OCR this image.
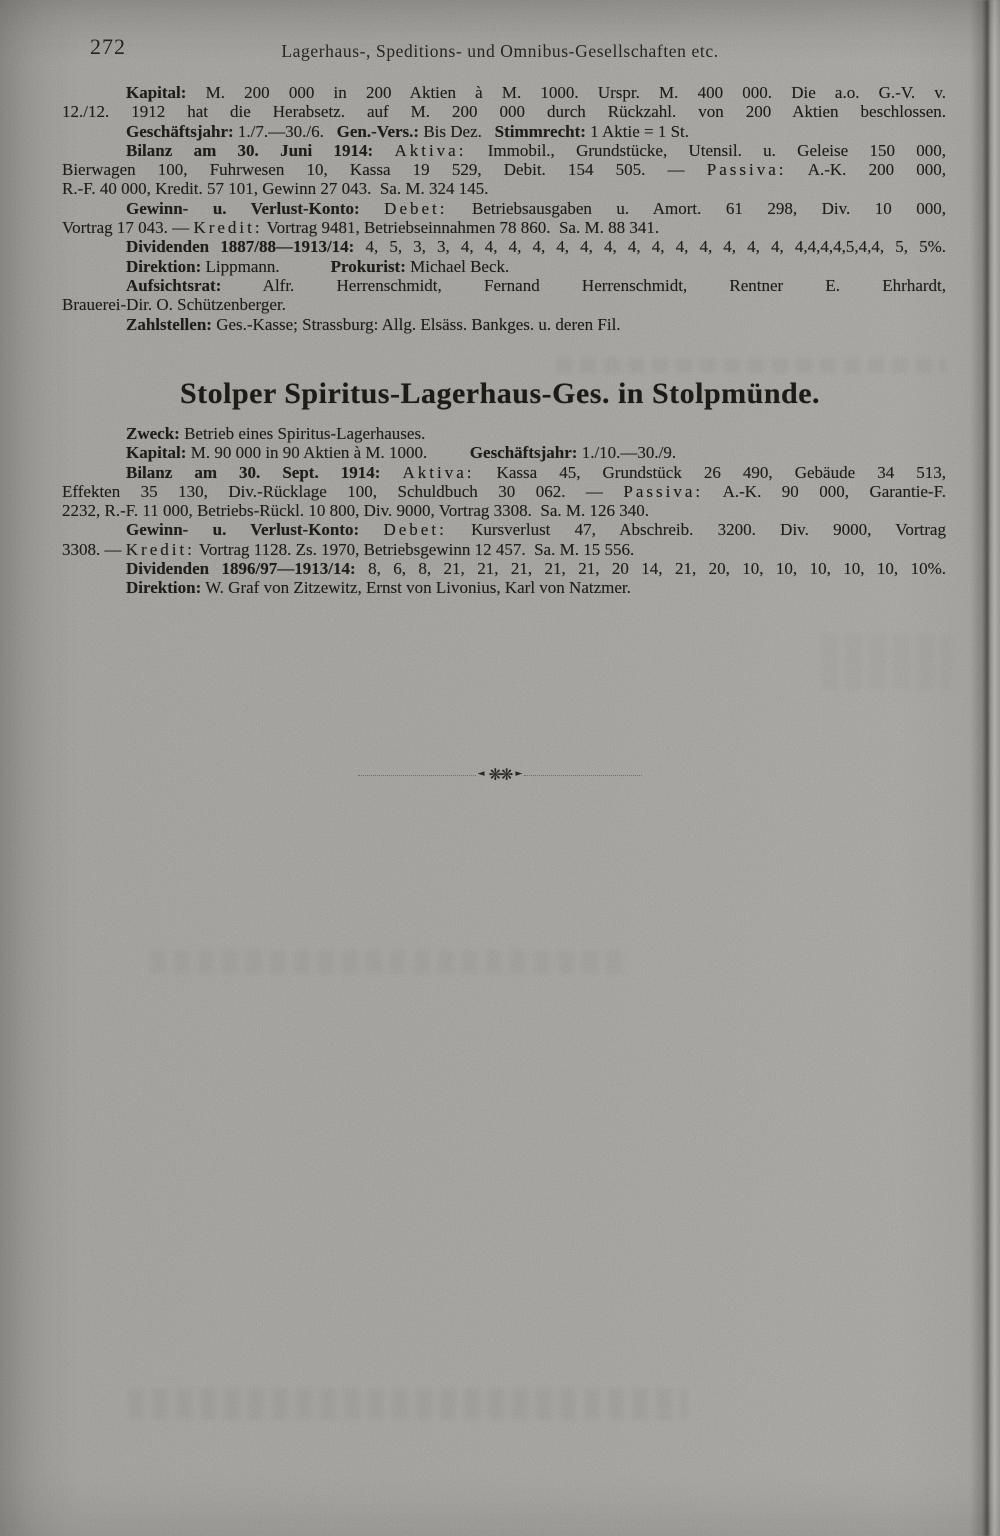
272	Lagerhaus-, Speditions- und Omnibus-Gesellschaften etc.
Kapital: M. 200 000 in 200 Aktien à M. 1000. Urspr. M. 400 000. Die a.o. G.-V. v.
12./12. 1912 hat die Herabsetz. auf M. 200 000 durch Rückzahl. von 200 Aktien beschlossen.
Geschäftsjahr: 1./7.—30./6.   Gen.-Vers.: Bis Dez.   Stimmrecht: 1 Aktie = 1 St.
Bilanz am 30. Juni 1914: Aktiva: Immobil., Grundstücke, Utensil. u. Geleise 150 000,
Bierwagen 100, Fuhrwesen 10, Kassa 19 529, Debit. 154 505. — Passiva: A.-K. 200 000,
R.-F. 40 000, Kredit. 57 101, Gewinn 27 043.  Sa. M. 324 145.
Gewinn- u. Verlust-Konto: Debet: Betriebsausgaben u. Amort. 61 298, Div. 10 000,
Vortrag 17 043. — Kredit: Vortrag 9481, Betriebseinnahmen 78 860.  Sa. M. 88 341.
Dividenden 1887/88—1913/14: 4, 5, 3, 3, 4, 4, 4, 4, 4, 4, 4, 4, 4, 4, 4, 4, 4, 4, 4,4,4,4,5,4,4, 5, 5%.
Direktion: Lippmann.            Prokurist: Michael Beck.
Aufsichtsrat: Alfr. Herrenschmidt, Fernand Herrenschmidt, Rentner E. Ehrhardt,
Brauerei-Dir. O. Schützenberger.
Zahlstellen: Ges.-Kasse; Strassburg: Allg. Elsäss. Bankges. u. deren Fil.
Stolper Spiritus-Lagerhaus-Ges. in Stolpmünde.
Zweck: Betrieb eines Spiritus-Lagerhauses.
Kapital: M. 90 000 in 90 Aktien à M. 1000.          Geschäftsjahr: 1./10.—30./9.
Bilanz am 30. Sept. 1914: Aktiva: Kassa 45, Grundstück 26 490, Gebäude 34 513,
Effekten 35 130, Div.-Rücklage 100, Schuldbuch 30 062. — Passiva: A.-K. 90 000, Garantie-F.
2232, R.-F. 11 000, Betriebs-Rückl. 10 800, Div. 9000, Vortrag 3308.  Sa. M. 126 340.
Gewinn- u. Verlust-Konto: Debet: Kursverlust 47, Abschreib. 3200. Div. 9000, Vortrag
3308. — Kredit: Vortrag 1128. Zs. 1970, Betriebsgewinn 12 457.  Sa. M. 15 556.
Dividenden 1896/97—1913/14: 8, 6, 8, 21, 21, 21, 21, 21, 20 14, 21, 20, 10, 10, 10, 10, 10, 10%.
Direktion: W. Graf von Zitzewitz, Ernst von Livonius, Karl von Natzmer.
◄ ❋❋ ►
